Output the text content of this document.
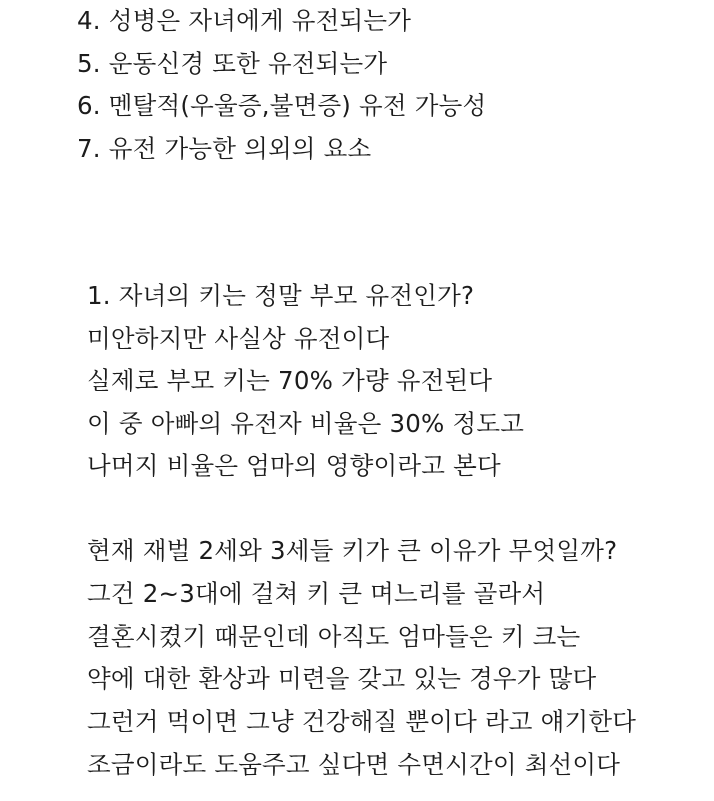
4. 성병은 자녀에게 유전되는가
5. 운동신경 또한 유전되는가
6. 멘탈적(우울증,불면증) 유전 가능성
7. 유전 가능한 의외의 요소
1. 자녀의 키는 정말 부모 유전인가?
미안하지만 사실상 유전이다
실제로 부모 키는 70% 가량 유전된다
이 중 아빠의 유전자 비율은 30% 정도고
나머지 비율은 엄마의 영향이라고 본다
현재 재벌 2세와 3세들 키가 큰 이유가 무엇일까?
그건 2~3대에 걸쳐 키 큰 며느리를 골라서
결혼시켰기 때문인데 아직도 엄마들은 키 크는
약에 대한 환상과 미련을 갖고 있는 경우가 많다
그런거 먹이면 그냥 건강해질 뿐이다 라고 얘기한다
조금이라도 도움주고 싶다면 수면시간이 최선이다
